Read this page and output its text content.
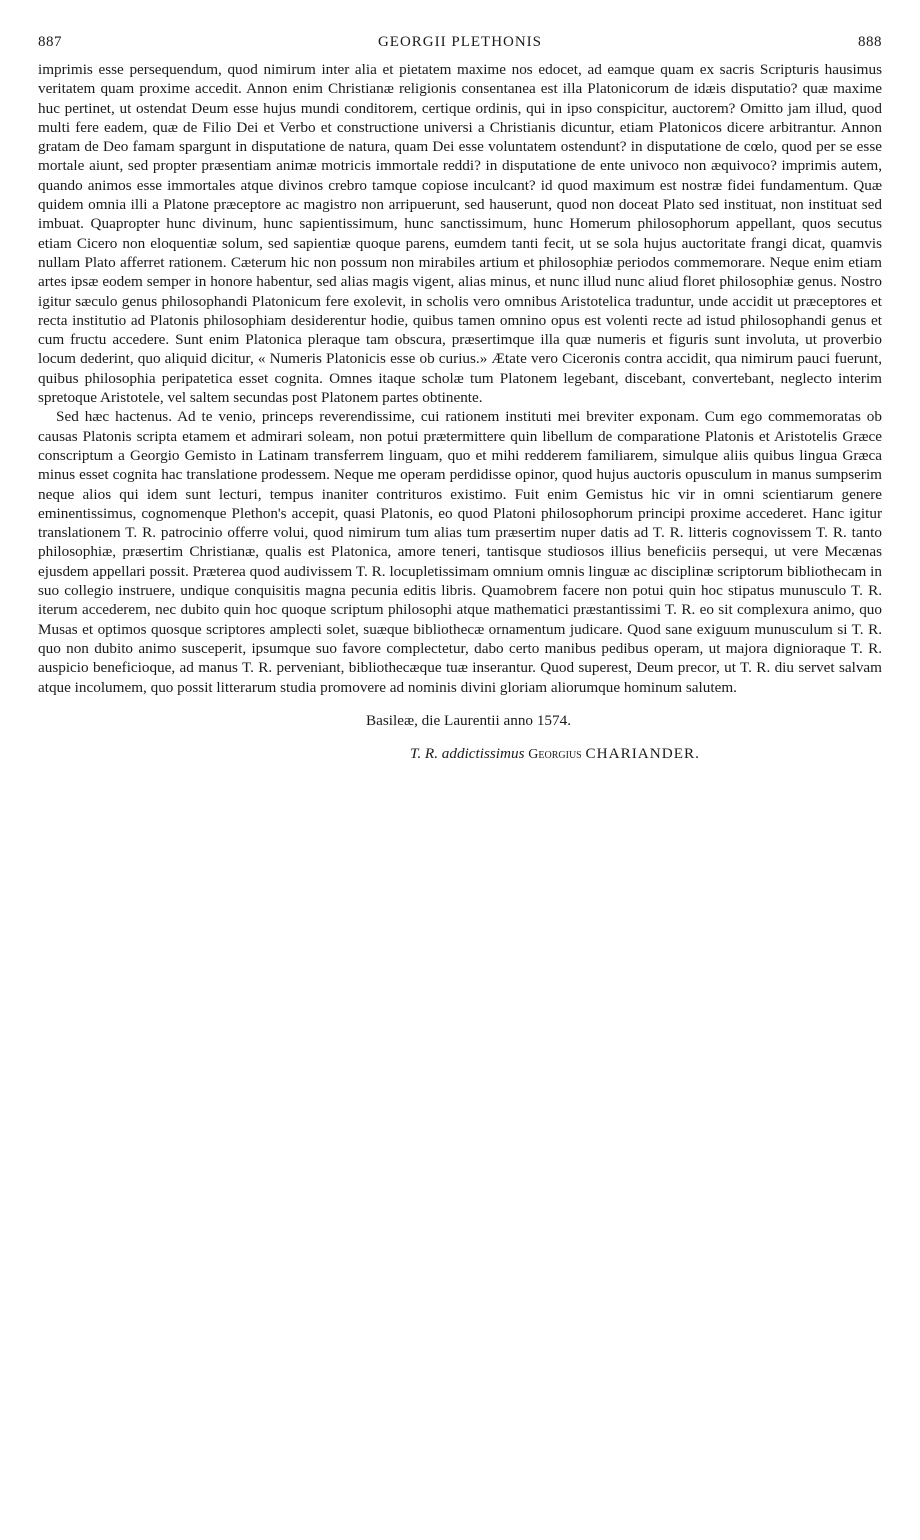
887	GEORGII PLETHONIS	888

imprimis esse persequendum, quod nimirum inter alia et pietatem maxime nos edocet, ad eamque quam ex sacris Scripturis hausimus veritatem quam proxime accedit. Annon enim Christianæ religionis consentanea est illa Platonicorum de idæis disputatio? quæ maxime huc pertinet, ut ostendat Deum esse hujus mundi conditorem, certique ordinis, qui in ipso conspicitur, auctorem? Omitto jam illud, quod multi fere eadem, quæ de Filio Dei et Verbo et constructione universi a Christianis dicuntur, etiam Platonicos dicere arbitrantur. Annon gratam de Deo famam spargunt in disputatione de natura, quam Dei esse voluntatem ostendunt? in disputatione de cœlo, quod per se esse mortale aiunt, sed propter præsentiam animæ motricis immortale reddi? in disputatione de ente univoco non æquivoco? imprimis autem, quando animos esse immortales atque divinos crebro tamque copiose inculcant? id quod maximum est nostræ fidei fundamentum. Quæ quidem omnia illi a Platone præceptore ac magistro non arripuerunt, sed hauserunt, quod non doceat Plato sed instituat, non instituat sed imbuat. Quapropter hunc divinum, hunc sapientissimum, hunc sanctissimum, hunc Homerum philosophorum appellant, quos secutus etiam Cicero non eloquentiæ solum, sed sapientiæ quoque parens, eumdem tanti fecit, ut se sola hujus auctoritate frangi dicat, quamvis nullam Plato afferret rationem. Cæterum hic non possum non mirabiles artium et philosophiæ periodos commemorare. Neque enim etiam artes ipsæ eodem semper in honore habentur, sed alias magis vigent, alias minus, et nunc illud nunc aliud floret philosophiæ genus. Nostro igitur sæculo genus philosophandi Platonicum fere exolevit, in scholis vero omnibus Aristotelica traduntur, unde accidit ut præceptores et recta institutio ad Platonis philosophiam desiderentur hodie, quibus tamen omnino opus est volenti recte ad istud philosophandi genus et cum fructu accedere. Sunt enim Platonica pleraque tam obscura, præsertimque illa quæ numeris et figuris sunt involuta, ut proverbio locum dederint, quo aliquid dicitur, « Numeris Platonicis esse ob curius.» Ætate vero Ciceronis contra accidit, qua nimirum pauci fuerunt, quibus philosophia peripatetica esset cognita. Omnes itaque scholæ tum Platonem legebant, discebant, convertebant, neglecto interim spretoque Aristotele, vel saltem secundas post Platonem partes obtinente.

Sed hæc hactenus. Ad te venio, princeps reverendissime, cui rationem instituti mei breviter exponam. Cum ego commemoratas ob causas Platonis scripta etamem et admirari soleam, non potui prætermittere quin libellum de comparatione Platonis et Aristotelis Græce conscriptum a Georgio Gemisto in Latinam transferrem linguam, quo et mihi redderem familiarem, simulque aliis quibus lingua Græca minus esset cognita hac translatione prodessem. Neque me operam perdidisse opinor, quod hujus auctoris opusculum in manus sumpserim neque alios qui idem sunt lecturi, tempus inaniter contrituros existimo. Fuit enim Gemistus hic vir in omni scientiarum genere eminentissimus, cognomenque Plethon's accepit, quasi Platonis, eo quod Platoni philosophorum principi proxime accederet. Hanc igitur translationem T. R. patrocinio offerre volui, quod nimirum tum alias tum præsertim nuper datis ad T. R. litteris cognovissem T. R. tanto philosophiæ, præsertim Christianæ, qualis est Platonica, amore teneri, tantisque studiosos illius beneficiis persequi, ut vere Mecænas ejusdem appellari possit. Præterea quod audivissem T. R. locupletissimam omnium omnis linguæ ac disciplinæ scriptorum bibliothecam in suo collegio instruere, undique conquisitis magna pecunia editis libris. Quamobrem facere non potui quin hoc stipatus munusculo T. R. iterum accederem, nec dubito quin hoc quoque scriptum philosophi atque mathematici præstantissimi T. R. eo sit complexura animo, quo Musas et optimos quosque scriptores amplecti solet, suæque bibliothecæ ornamentum judicare. Quod sane exiguum munusculum si T. R. quo non dubito animo susceperit, ipsumque suo favore complectetur, dabo certo manibus pedibus operam, ut majora dignioraque T. R. auspicio beneficioque, ad manus T. R. perveniant, bibliothecæque tuæ inserantur. Quod superest, Deum precor, ut T. R. diu servet salvam atque incolumem, quo possit litterarum studia promovere ad nominis divini gloriam aliorumque hominum salutem.

Basileæ, die Laurentii anno 1574.
T. R. addictissimus Georgius CHARIANDER.
